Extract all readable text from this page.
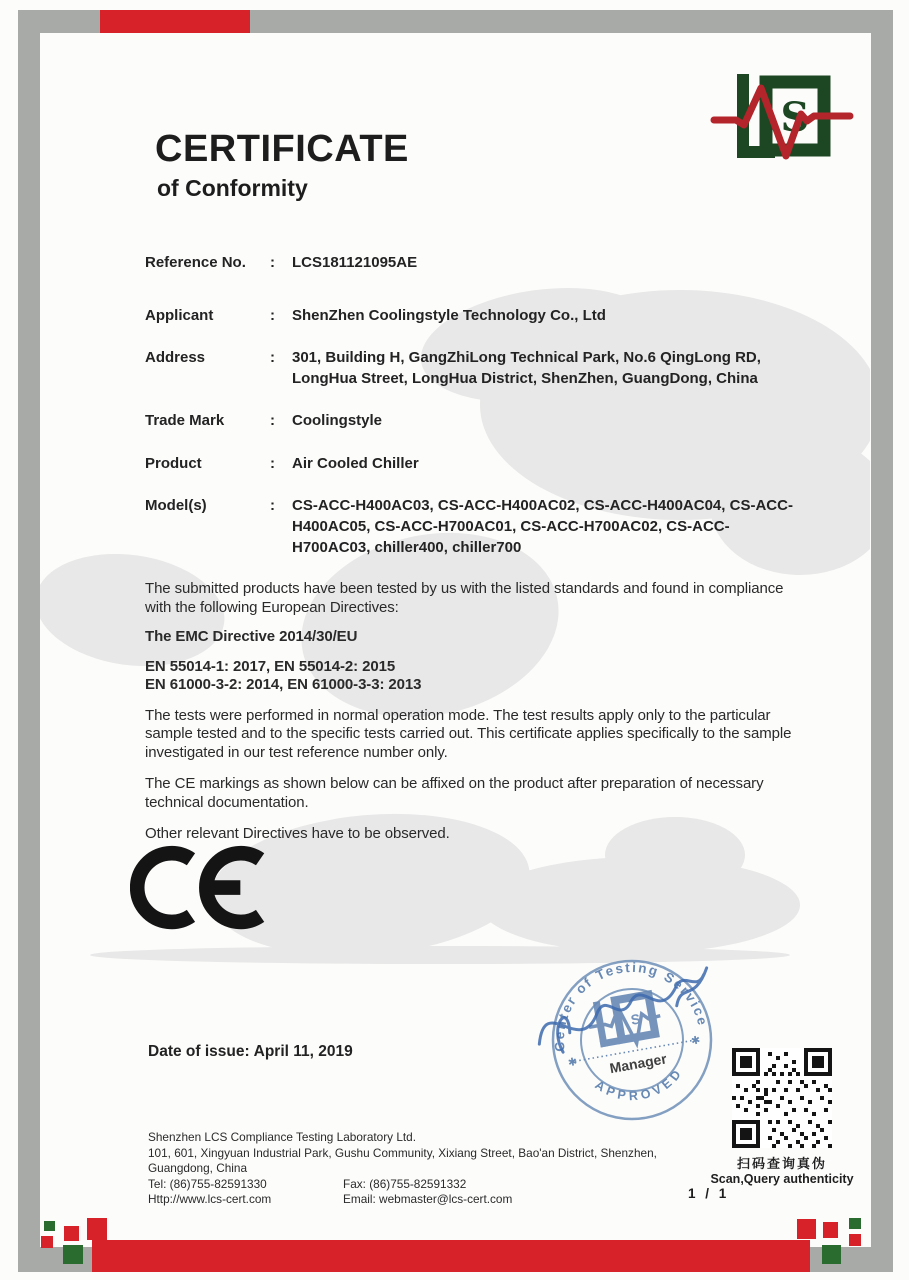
S
CERTIFICATE
of Conformity
Reference No.	:	LCS181121095AE
Applicant	:	ShenZhen Coolingstyle Technology Co., Ltd
Address	:	301, Building H, GangZhiLong Technical Park, No.6 QingLong RD, LongHua Street, LongHua District, ShenZhen, GuangDong, China
Trade Mark	:	Coolingstyle
Product	:	Air Cooled Chiller
Model(s)	:	CS-ACC-H400AC03, CS-ACC-H400AC02, CS-ACC-H400AC04, CS-ACC-H400AC05, CS-ACC-H700AC01, CS-ACC-H700AC02, CS-ACC-H700AC03, chiller400, chiller700

The submitted products have been tested by us with the listed standards and found in compliance with the following European Directives:

The EMC Directive 2014/30/EU

EN 55014-1: 2017, EN 55014-2: 2015
EN 61000-3-2: 2014, EN 61000-3-3: 2013

The tests were performed in normal operation mode. The test results apply only to the particular sample tested and to the specific tests carried out. This certificate applies specifically to the sample investigated in our test reference number only.

The CE markings as shown below can be affixed on the product after preparation of necessary technical documentation.

Other relevant Directives have to be observed.

Date of issue: April 11, 2019	Center of Testing Service
APPROVED
✱
✱
S
Manager
扫码查询真伪
Scan,Query authenticity
Shenzhen LCS Compliance Testing Laboratory Ltd.
101, 601, Xingyuan Industrial Park, Gushu Community, Xixiang Street, Bao'an District, Shenzhen,
Guangdong, China
Tel: (86)755-82591330	Fax: (86)755-82591332
Http://www.lcs-cert.com	Email: webmaster@lcs-cert.com	1 / 1
